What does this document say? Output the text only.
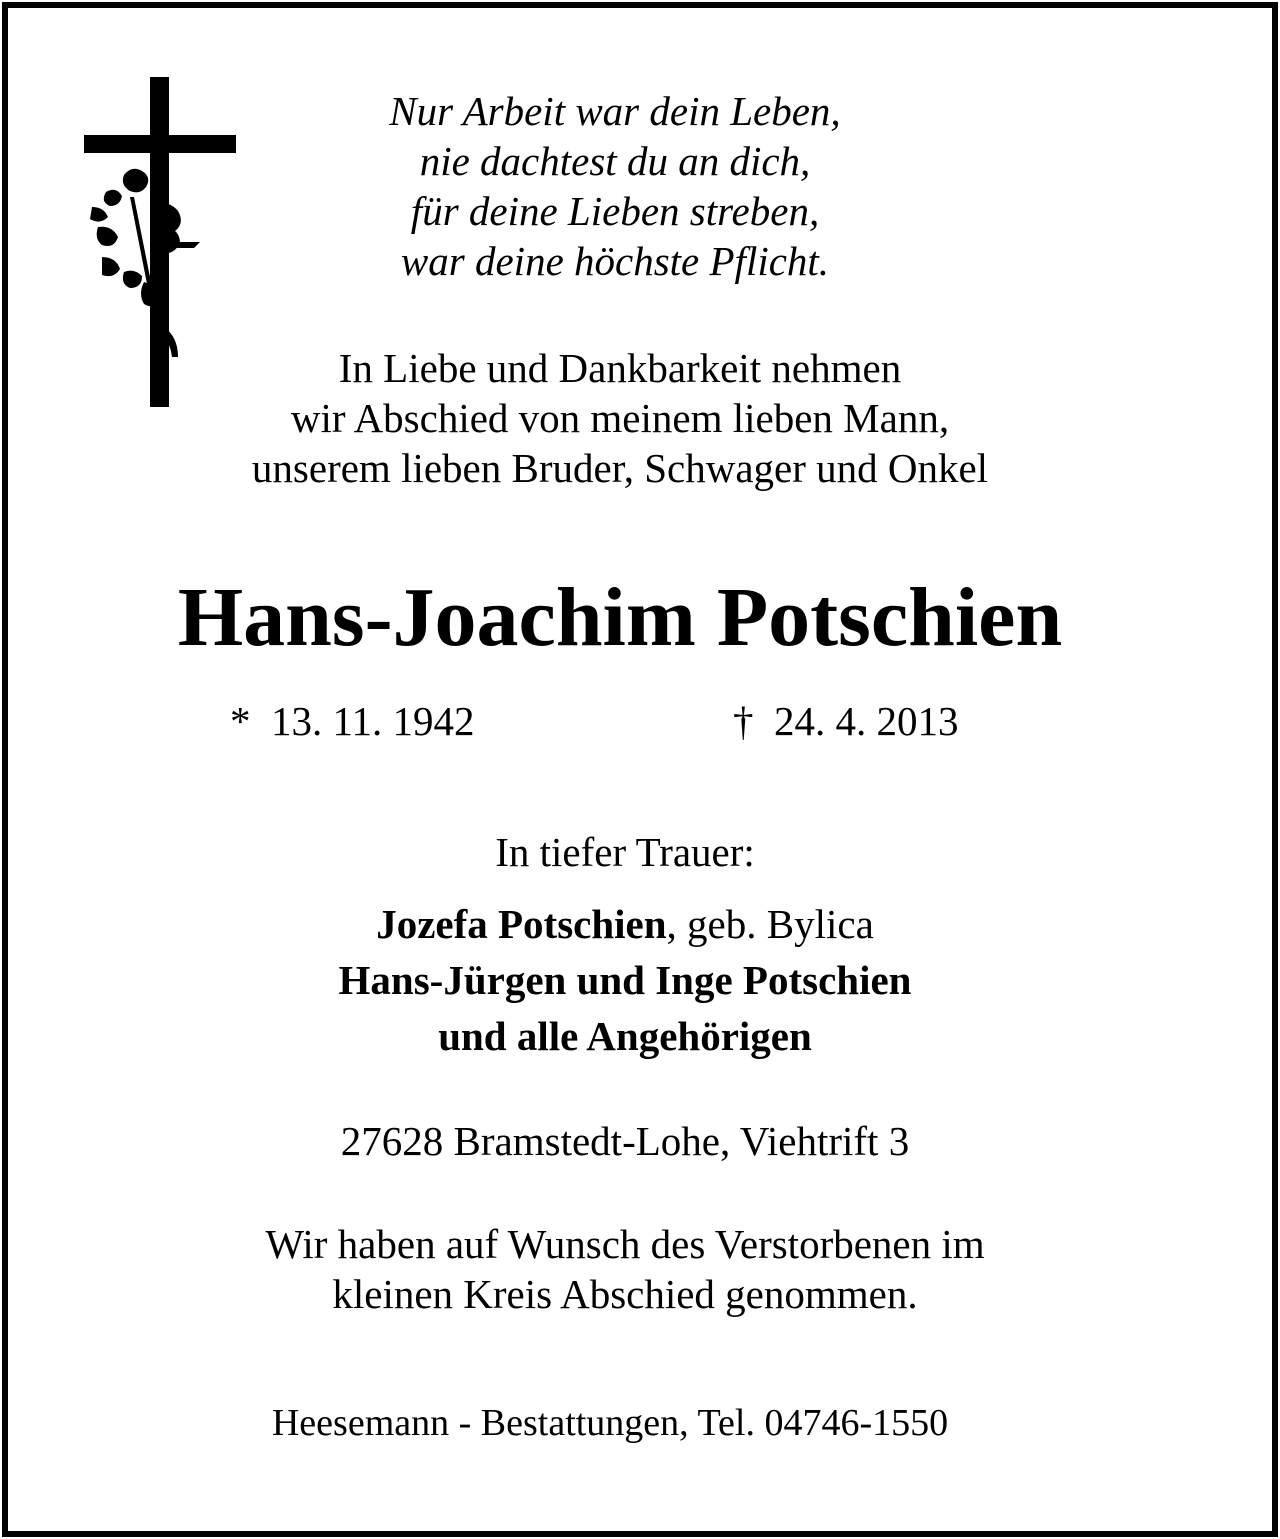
Nur Arbeit war dein Leben,
nie dachtest du an dich,
für deine Lieben streben,
war deine höchste Pflicht.
In Liebe und Dankbarkeit nehmen
wir Abschied von meinem lieben Mann,
unserem lieben Bruder, Schwager und Onkel
Hans-Joachim Potschien
* 13. 11. 1942	† 24. 4. 2013
In tiefer Trauer:
Jozefa Potschien, geb. Bylica
Hans-Jürgen und Inge Potschien
und alle Angehörigen
27628 Bramstedt-Lohe, Viehtrift 3
Wir haben auf Wunsch des Verstorbenen im
kleinen Kreis Abschied genommen.
Heesemann - Bestattungen, Tel. 04746-1550
